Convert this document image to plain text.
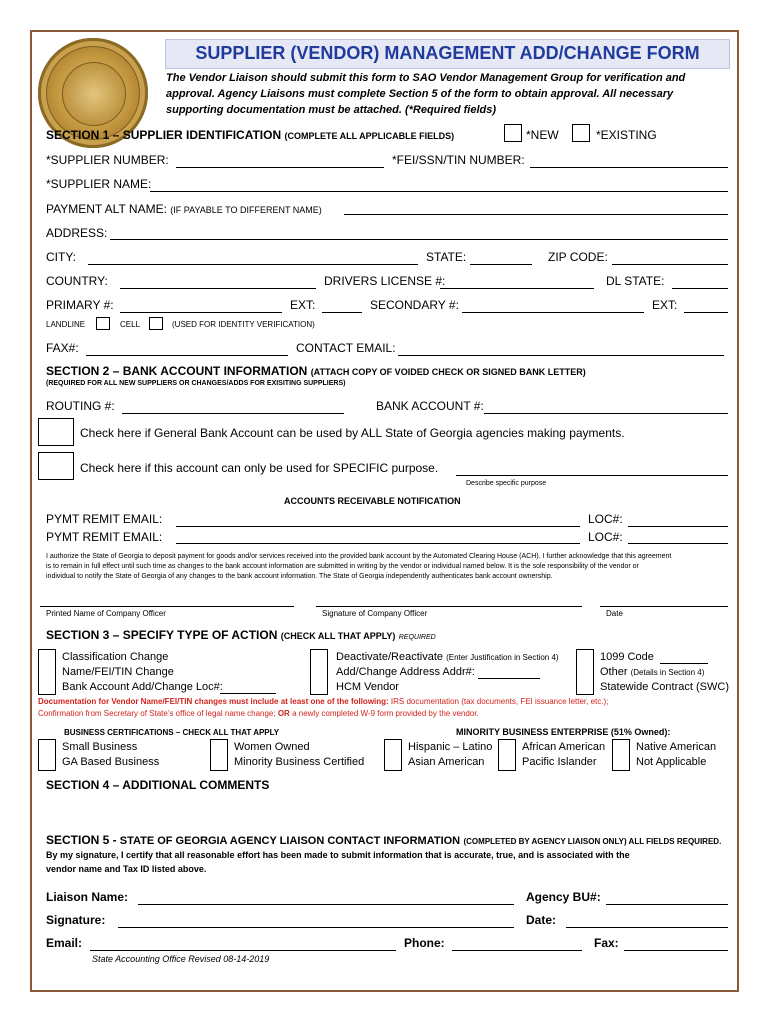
SUPPLIER (VENDOR) MANAGEMENT ADD/CHANGE FORM
The Vendor Liaison should submit this form to SAO Vendor Management Group for verification and
approval. Agency Liaisons must complete Section 5 of the form to obtain approval. All necessary
supporting documentation must be attached. (*Required fields)
SECTION 1 – SUPPLIER IDENTIFICATION (COMPLETE ALL APPLICABLE FIELDS)	*NEW	*EXISTING
*SUPPLIER NUMBER:	*FEI/SSN/TIN NUMBER:
*SUPPLIER NAME:
PAYMENT ALT NAME: (IF PAYABLE TO DIFFERENT NAME)
ADDRESS:
CITY:	STATE:	ZIP CODE:
COUNTRY:	DRIVERS LICENSE #:	DL STATE:
PRIMARY #:	EXT:	SECONDARY #:	EXT:
LANDLINE	CELL	(USED FOR IDENTITY VERIFICATION)
FAX#:	CONTACT EMAIL:
SECTION 2 – BANK ACCOUNT INFORMATION (ATTACH COPY OF VOIDED CHECK OR SIGNED BANK LETTER)
(REQUIRED FOR ALL NEW SUPPLIERS OR CHANGES/ADDS FOR EXISITING SUPPLIERS)
ROUTING #:	BANK ACCOUNT #:
Check here if General Bank Account can be used by ALL State of Georgia agencies making payments.
Check here if this account can only be used for SPECIFIC purpose.
Describe specific purpose
ACCOUNTS RECEIVABLE NOTIFICATION
PYMT REMIT EMAIL:	LOC#:
PYMT REMIT EMAIL:	LOC#:
I authorize the State of Georgia to deposit payment for goods and/or services received into the provided bank account by the Automated Clearing House (ACH). I further acknowledge that this agreement
is to remain in full effect until such time as changes to the bank account information are submitted in writing by the vendor or individual named below. It is the sole responsibility of the vendor or
individual to notify the State of Georgia of any changes to the bank account information. The State of Georgia independently authenticates bank account ownership.
Printed Name of Company Officer	Signature of Company Officer	Date
SECTION 3 – SPECIFY TYPE OF ACTION (CHECK ALL THAT APPLY) REQUIRED
Classification Change
Name/FEI/TIN Change
Bank Account Add/Change Loc#:
Deactivate/Reactivate (Enter Justification in Section 4)
Add/Change Address Addr#:
HCM Vendor
1099 Code
Other (Details in Section 4)
Statewide Contract (SWC)
Documentation for Vendor Name/FEI/TIN changes must include at least one of the following: IRS documentation (tax documents, FEI issuance letter, etc.);
Confirmation from Secretary of State’s office of legal name change; OR a newly completed W-9 form provided by the vendor.
BUSINESS CERTIFICATIONS – CHECK ALL THAT APPLY	MINORITY BUSINESS ENTERPRISE (51% Owned):
Small Business
GA Based Business
Women Owned
Minority Business Certified
Hispanic – Latino
Asian American
African American
Pacific Islander
Native American
Not Applicable
SECTION 4 – ADDITIONAL COMMENTS
SECTION 5 - STATE OF GEORGIA AGENCY LIAISON CONTACT INFORMATION (COMPLETED BY AGENCY LIAISON ONLY) ALL FIELDS REQUIRED.
By my signature, I certify that all reasonable effort has been made to submit information that is accurate, true, and is associated with the
vendor name and Tax ID listed above.
Liaison Name:	Agency BU#:
Signature:	Date:
Email:	Phone:	Fax:
State Accounting Office Revised 08-14-2019
